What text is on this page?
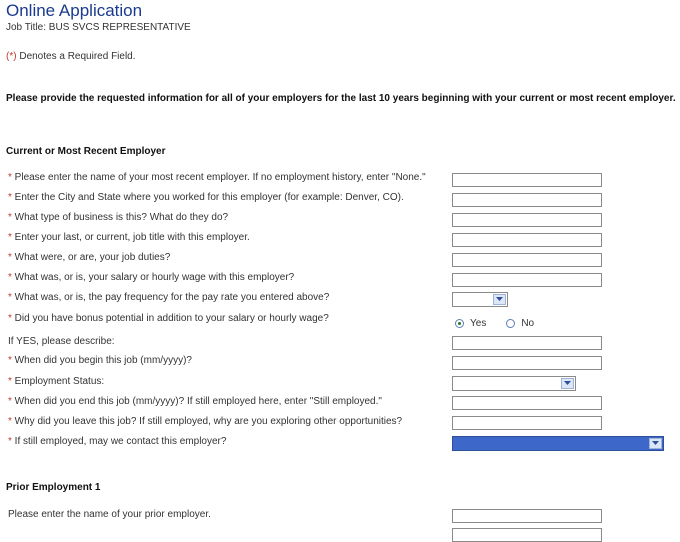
Online Application
Job Title: BUS SVCS REPRESENTATIVE
(*) Denotes a Required Field.
Please provide the requested information for all of your employers for the last 10 years beginning with your current or most recent employer.
Current or Most Recent Employer
* Please enter the name of your most recent employer. If no employment history, enter "None."
* Enter the City and State where you worked for this employer (for example: Denver, CO).
* What type of business is this? What do they do?
* Enter your last, or current, job title with this employer.
* What were, or are, your job duties?
* What was, or is, your salary or hourly wage with this employer?
* What was, or is, the pay frequency for the pay rate you entered above?
* Did you have bonus potential in addition to your salary or hourly wage?	Yes	No
If YES, please describe:
* When did you begin this job (mm/yyyy)?
* Employment Status:
* When did you end this job (mm/yyyy)? If still employed here, enter "Still employed."
* Why did you leave this job? If still employed, why are you exploring other opportunities?
* If still employed, may we contact this employer?
Prior Employment 1
Please enter the name of your prior employer.
